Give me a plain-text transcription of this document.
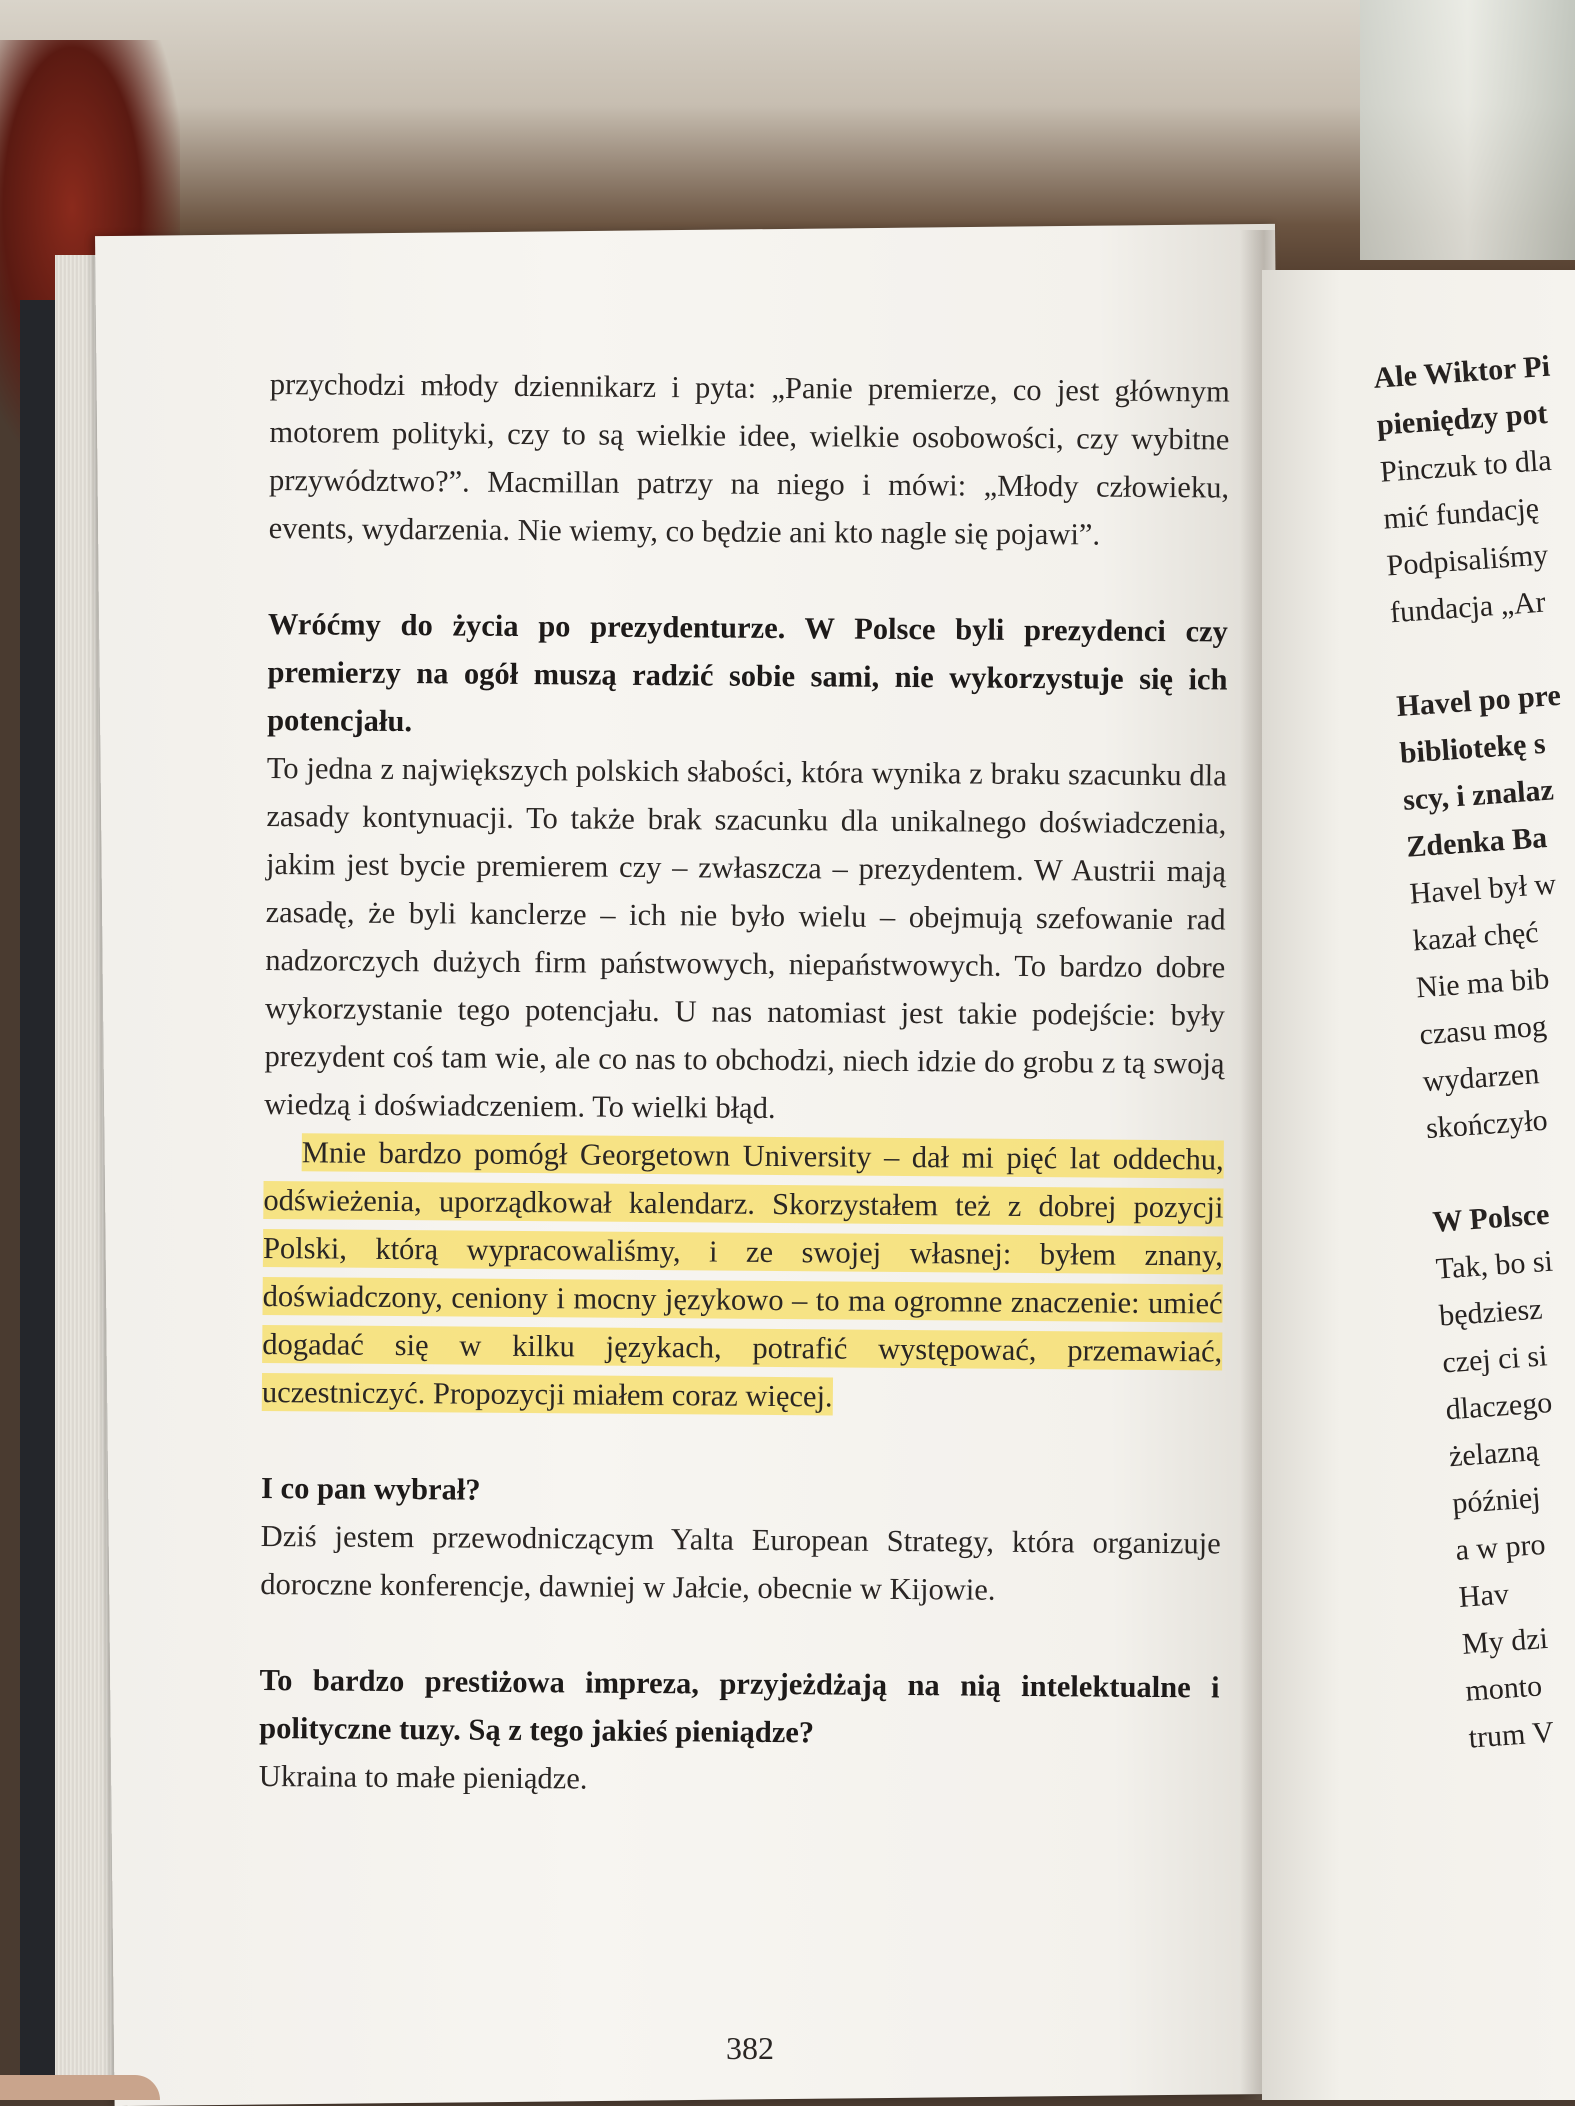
przychodzi młody dziennikarz i pyta: „Panie premierze, co jest głównym motorem polityki, czy to są wielkie idee, wielkie osobowości, czy wybitne przywództwo?”. Macmillan patrzy na niego i mówi: „Młody człowieku, events, wydarzenia. Nie wiemy, co będzie ani kto nagle się pojawi”.

Wróćmy do życia po prezydenturze. W Polsce byli prezydenci czy premierzy na ogół muszą radzić sobie sami, nie wykorzystuje się ich potencjału.

To jedna z największych polskich słabości, która wynika z braku szacunku dla zasady kontynuacji. To także brak szacunku dla unikalnego doświadczenia, jakim jest bycie premierem czy – zwłaszcza – prezydentem. W Austrii mają zasadę, że byli kanclerze – ich nie było wielu – obejmują szefowanie rad nadzorczych dużych firm państwowych, niepaństwowych. To bardzo dobre wykorzystanie tego potencjału. U nas natomiast jest takie podejście: były prezydent coś tam wie, ale co nas to obchodzi, niech idzie do grobu z tą swoją wiedzą i doświadczeniem. To wielki błąd.

Mnie bardzo pomógł Georgetown University – dał mi pięć lat oddechu, odświeżenia, uporządkował kalendarz. Skorzystałem też z dobrej pozycji Polski, którą wypracowaliśmy, i ze swojej własnej: byłem znany, doświadczony, ceniony i mocny językowo – to ma ogromne znaczenie: umieć dogadać się w kilku językach, potrafić występować, przemawiać, uczestniczyć. Propozycji miałem coraz więcej.

I co pan wybrał?

Dziś jestem przewodniczącym Yalta European Strategy, która organizuje doroczne konferencje, dawniej w Jałcie, obecnie w Kijowie.

To bardzo prestiżowa impreza, przyjeżdżają na nią intelektualne i polityczne tuzy. Są z tego jakieś pieniądze?

Ukraina to małe pieniądze.

382
Ale Wiktor Pi
pieniędzy pot
Pinczuk to dla
mić fundację
Podpisaliśmy
fundacja „Ar
Havel po pre
bibliotekę s
scy, i znalaz
Zdenka Ba
Havel był w
kazał chęć
Nie ma bib
czasu mog
wydarzen
skończyło
W Polsce
Tak, bo si
będziesz
czej ci si
dlaczego
żelazną
później
a w pro
Hav
My dzi
monto
trum V
